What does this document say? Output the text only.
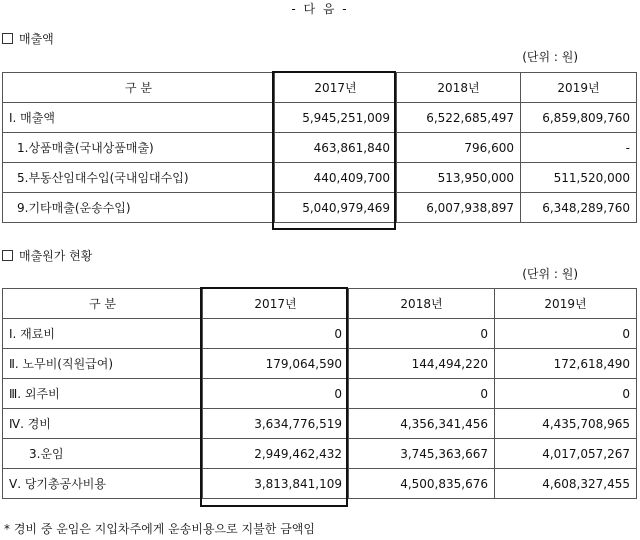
- 다 음 -
매출액
(단위 : 원)
구 분	2017년	2018년	2019년
Ⅰ. 매출액	5,945,251,009	6,522,685,497	6,859,809,760
1.상품매출(국내상품매출)	463,861,840	796,600	-
5.부동산임대수입(국내임대수입)	440,409,700	513,950,000	511,520,000
9.기타매출(운송수입)	5,040,979,469	6,007,938,897	6,348,289,760
매출원가 현황
(단위 : 원)
구 분	2017년	2018년	2019년
Ⅰ. 재료비	0	0	0
Ⅱ. 노무비(직원급여)	179,064,590	144,494,220	172,618,490
Ⅲ. 외주비	0	0	0
Ⅳ. 경비	3,634,776,519	4,356,341,456	4,435,708,965
3.운임	2,949,462,432	3,745,363,667	4,017,057,267
Ⅴ. 당기총공사비용	3,813,841,109	4,500,835,676	4,608,327,455
* 경비 중 운임은 지입차주에게 운송비용으로 지불한 금액임
